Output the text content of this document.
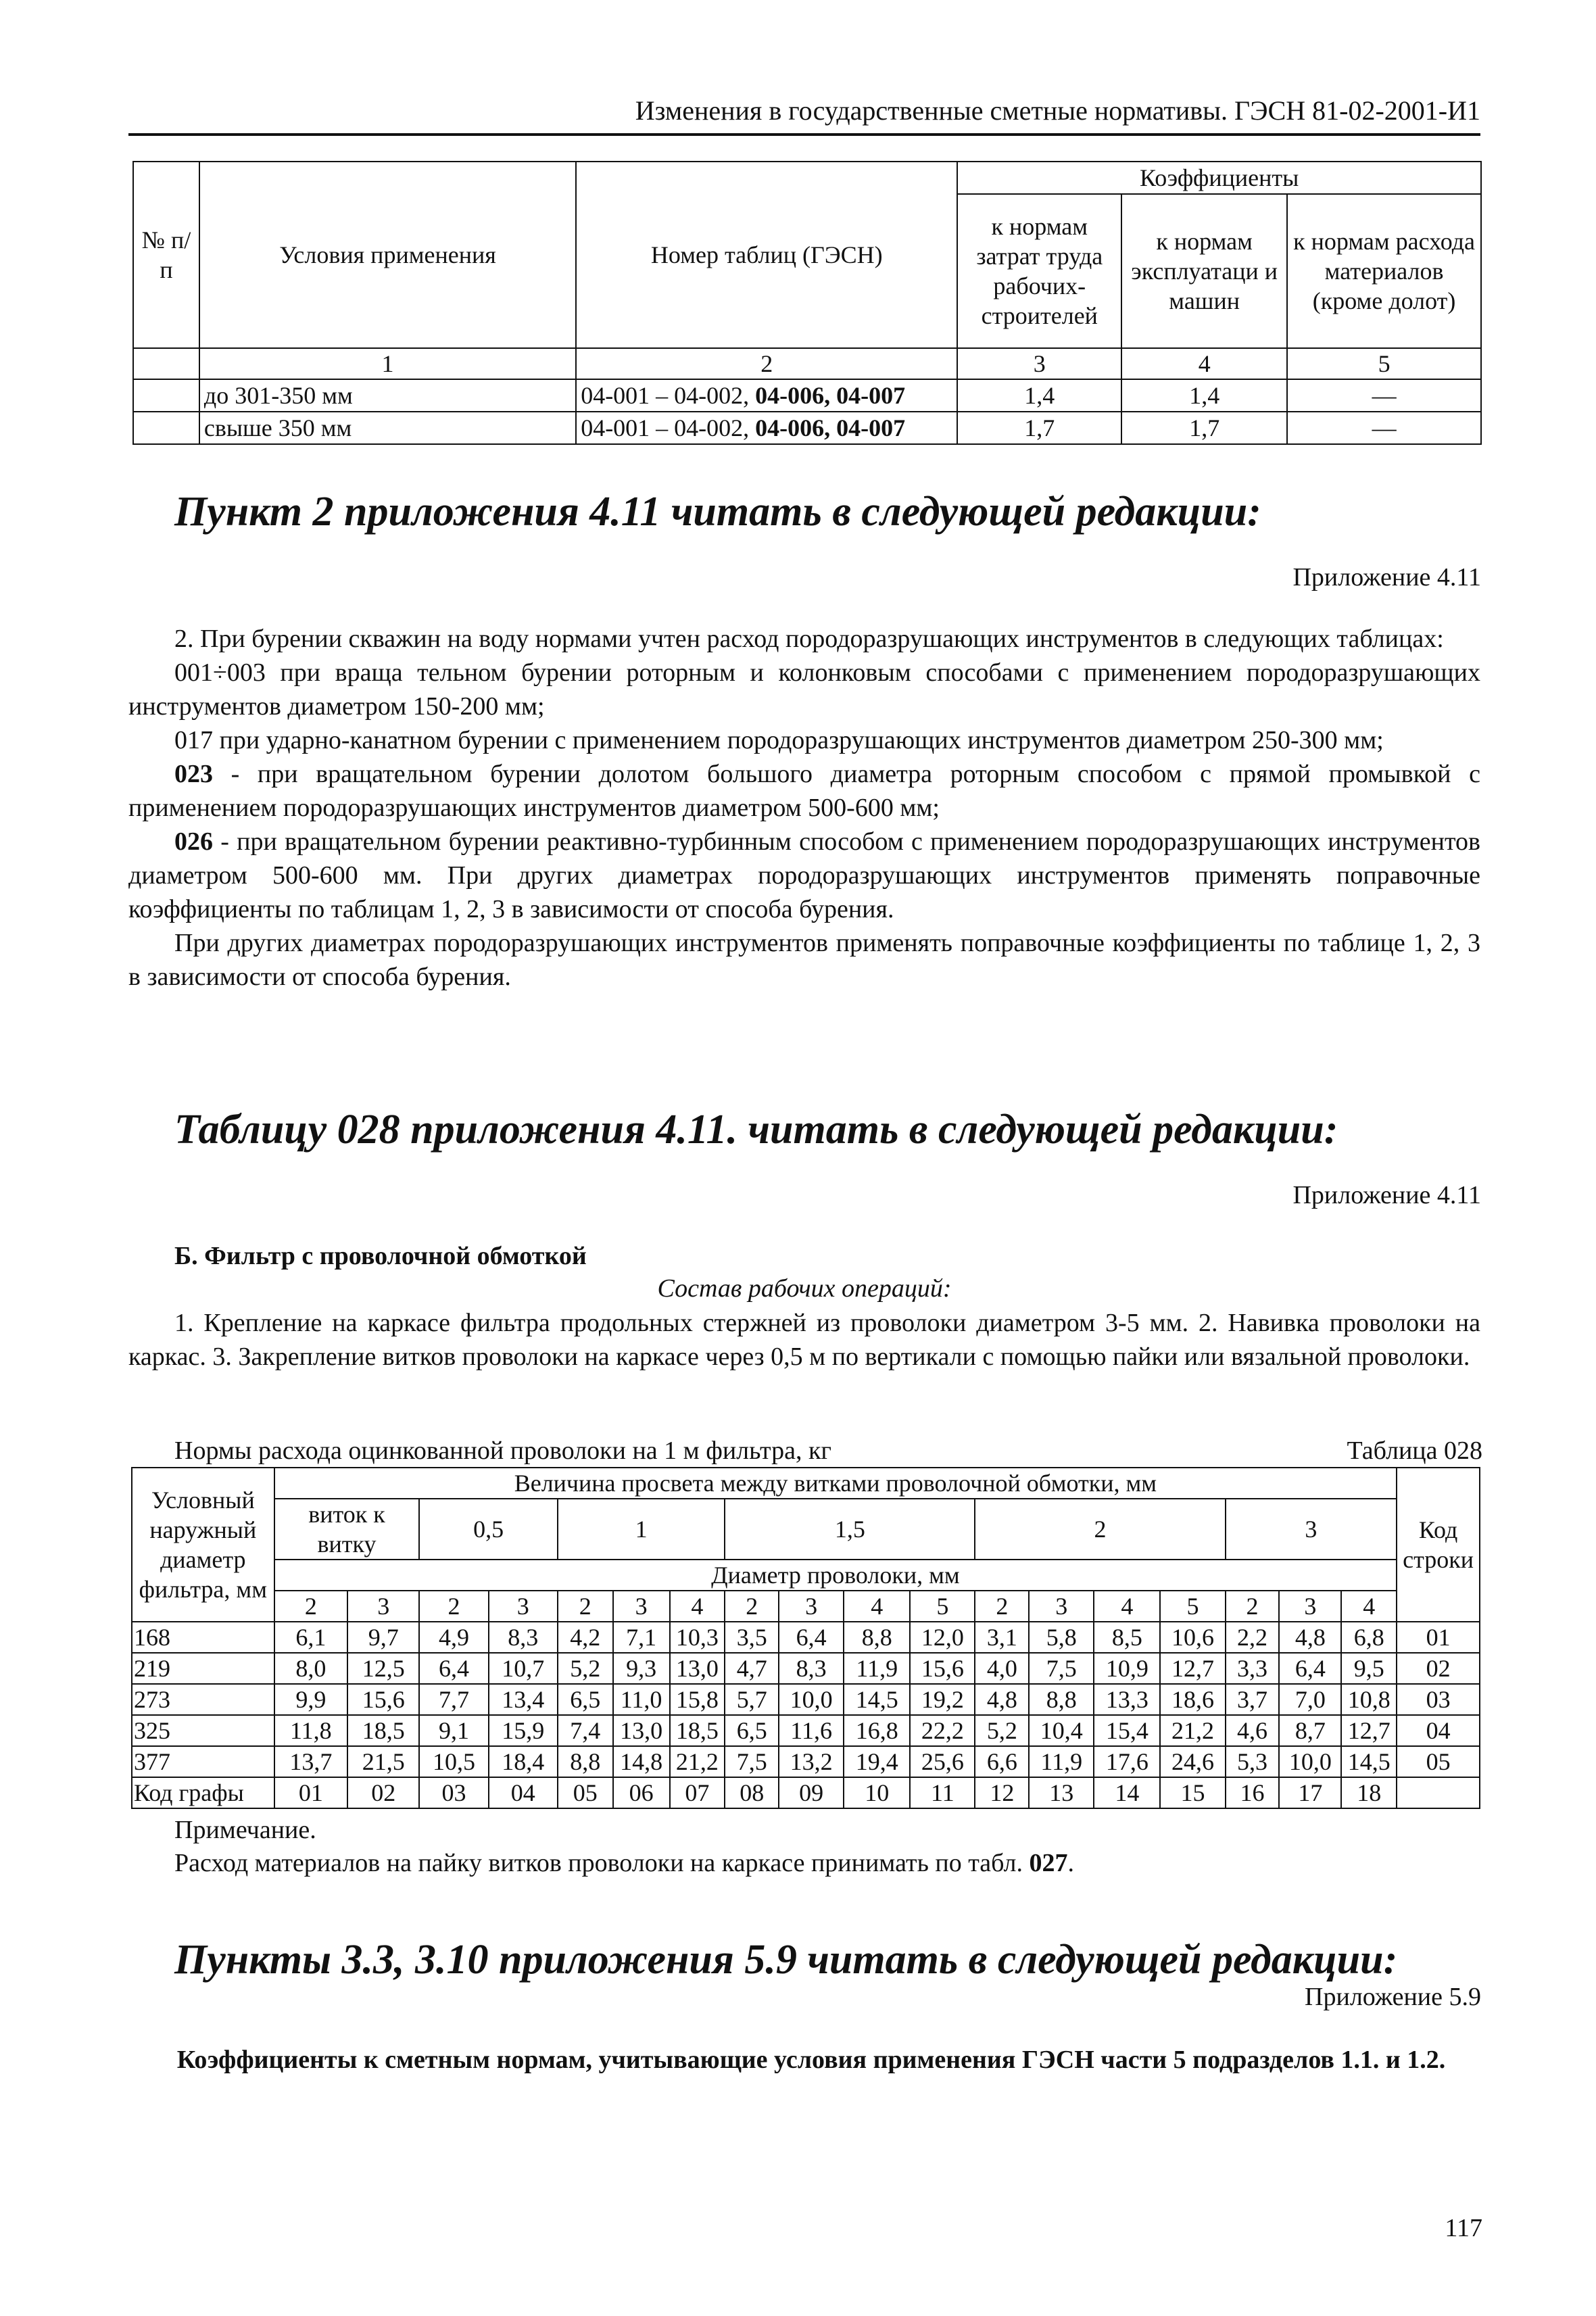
Изменения в государственные сметные нормативы. ГЭСН 81-02-2001-И1
№ п/п	Условия применения	Номер таблиц (ГЭСН)	Коэффициенты		
			к нормам затрат труда рабочих-строителей	к нормам эксплуатаци и машин	к нормам расхода материалов (кроме долот)
	1	2	3	4	5
	до 301-350 мм	04-001 – 04-002, 04-006, 04-007	1,4	1,4	—
	свыше 350 мм	04-001 – 04-002, 04-006, 04-007	1,7	1,7	—
Пункт 2 приложения 4.11 читать в следующей редакции:
Приложение 4.11

2. При бурении скважин на воду нормами учтен расход породоразрушающих инструментов в следующих таблицах:

001÷003 при враща тельном бурении роторным и колонковым способами с применением породоразрушающих инструментов диаметром 150-200 мм;

017 при ударно-канатном бурении с применением породоразрушающих инструментов диаметром 250-300 мм;

023 - при вращательном бурении долотом большого диаметра роторным способом с прямой промывкой с применением породоразрушающих инструментов диаметром 500-600 мм;

026 - при вращательном бурении реактивно-турбинным способом с применением породоразрушающих инструментов диаметром 500-600 мм. При других диаметрах породоразрушающих инструментов применять поправочные коэффициенты по таблицам 1, 2, 3 в зависимости от способа бурения.

При других диаметрах породоразрушающих инструментов применять поправочные коэффициенты по таблице 1, 2, 3 в зависимости от способа бурения.

Таблицу 028 приложения 4.11. читать в следующей редакции:
Приложение 4.11
Б. Фильтр с проволочной обмоткой
Состав рабочих операций:

1. Крепление на каркасе фильтра продольных стержней из проволоки диаметром 3-5 мм. 2. Навивка проволоки на каркас. 3. Закрепление витков проволоки на каркасе через 0,5 м по вертикали с помощью пайки или вязальной проволоки.

Нормы расхода оцинкованной проволоки на 1 м фильтра, кг	Таблица 028
Условный наружный диаметр фильтра, мм	Величина просвета между витками проволочной обмотки, мм																		Код строки
	виток к витку		0,5		1			1,5				2				3			
	Диаметр проволоки, мм																		
	2	3	2	3	2	3	4	2	3	4	5	2	3	4	5	2	3	4	
168	6,1	9,7	4,9	8,3	4,2	7,1	10,3	3,5	6,4	8,8	12,0	3,1	5,8	8,5	10,6	2,2	4,8	6,8	01
219	8,0	12,5	6,4	10,7	5,2	9,3	13,0	4,7	8,3	11,9	15,6	4,0	7,5	10,9	12,7	3,3	6,4	9,5	02
273	9,9	15,6	7,7	13,4	6,5	11,0	15,8	5,7	10,0	14,5	19,2	4,8	8,8	13,3	18,6	3,7	7,0	10,8	03
325	11,8	18,5	9,1	15,9	7,4	13,0	18,5	6,5	11,6	16,8	22,2	5,2	10,4	15,4	21,2	4,6	8,7	12,7	04
377	13,7	21,5	10,5	18,4	8,8	14,8	21,2	7,5	13,2	19,4	25,6	6,6	11,9	17,6	24,6	5,3	10,0	14,5	05
Код графы	01	02	03	04	05	06	07	08	09	10	11	12	13	14	15	16	17	18	
Примечание.
Расход материалов на пайку витков проволоки на каркасе принимать по табл. 027.
Пункты 3.3, 3.10 приложения 5.9 читать в следующей редакции:
Приложение 5.9
Коэффициенты к сметным нормам, учитывающие условия применения ГЭСН части 5 подразделов 1.1. и 1.2.
117
